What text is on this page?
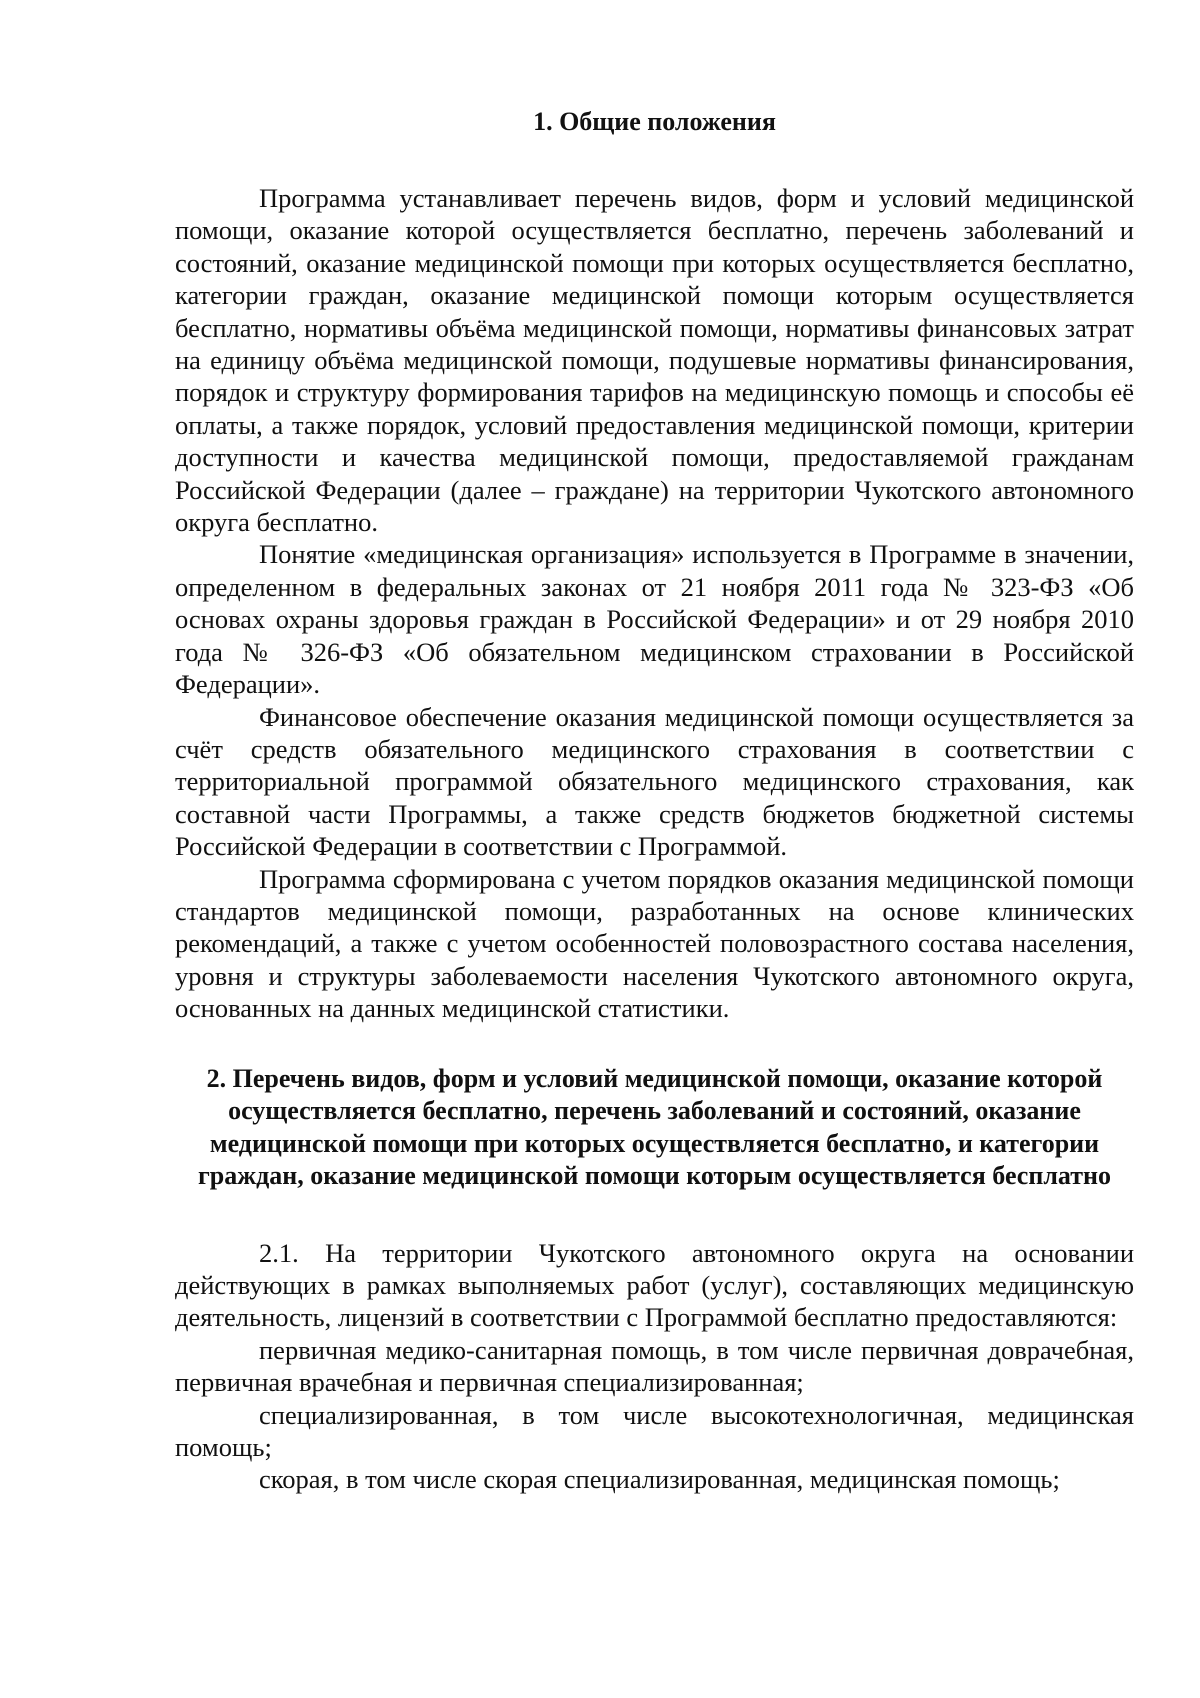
1. Общие положения

Программа устанавливает перечень видов, форм и условий медицинской помощи, оказание которой осуществляется бесплатно, перечень заболеваний и состояний, оказание медицинской помощи при которых осуществляется бесплатно, категории граждан, оказание медицинской помощи которым осуществляется бесплатно, нормативы объёма медицинской помощи, нормативы финансовых затрат на единицу объёма медицинской помощи, подушевые нормативы финансирования, порядок и структуру формирования тарифов на медицинскую помощь и способы её оплаты, а также порядок, условий предоставления медицинской помощи, критерии доступности и качества медицинской помощи, предоставляемой гражданам Российской Федерации (далее – граждане) на территории Чукотского автономного округа бесплатно.

Понятие «медицинская организация» используется в Программе в значении, определенном в федеральных законах от 21 ноября 2011 года № 323-ФЗ «Об основах охраны здоровья граждан в Российской Федерации» и от 29 ноября 2010 года № 326-ФЗ «Об обязательном медицинском страховании в Российской Федерации».

Финансовое обеспечение оказания медицинской помощи осуществляется за счёт средств обязательного медицинского страхования в соответствии с территориальной программой обязательного медицинского страхования, как составной части Программы, а также средств бюджетов бюджетной системы Российской Федерации в соответствии с Программой.

Программа сформирована с учетом порядков оказания медицинской помощи стандартов медицинской помощи, разработанных на основе клинических рекомендаций, а также с учетом особенностей половозрастного состава населения, уровня и структуры заболеваемости населения Чукотского автономного округа, основанных на данных медицинской статистики.

2. Перечень видов, форм и условий медицинской помощи, оказание которой осуществляется бесплатно, перечень заболеваний и состояний, оказание медицинской помощи при которых осуществляется бесплатно, и категории граждан, оказание медицинской помощи которым осуществляется бесплатно

2.1. На территории Чукотского автономного округа на основании действующих в рамках выполняемых работ (услуг), составляющих медицинскую деятельность, лицензий в соответствии с Программой бесплатно предоставляются:

первичная медико-санитарная помощь, в том числе первичная доврачебная, первичная врачебная и первичная специализированная;

специализированная, в том числе высокотехнологичная, медицинская помощь;

скорая, в том числе скорая специализированная, медицинская помощь;
